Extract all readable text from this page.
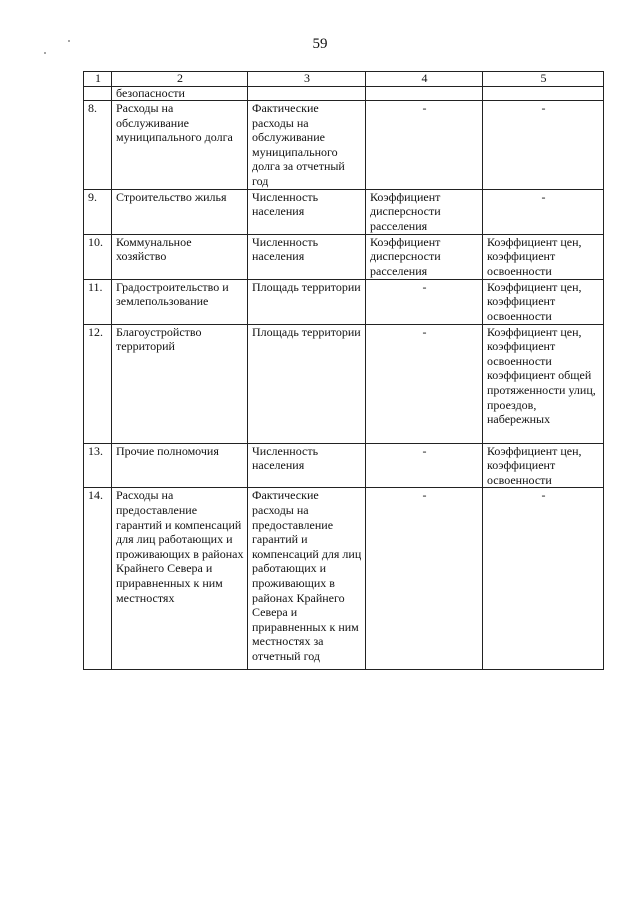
59
1	2	3	4	5
	безопасности			
8.	Расходы на обслуживание муниципального долга	Фактические расходы на обслуживание муниципального долга за отчетный год	-	-
9.	Строительство жилья	Численность населения	Коэффициент дисперсности расселения	-
10.	Коммунальное хозяйство	Численность населения	Коэффициент дисперсности расселения	Коэффициент цен, коэффициент освоенности
11.	Градостроительство и землепользование	Площадь территории	-	Коэффициент цен, коэффициент освоенности
12.	Благоустройство территорий	Площадь территории	-	Коэффициент цен, коэффициент освоенности коэффициент общей протяженности улиц, проездов, набережных
13.	Прочие полномочия	Численность населения	-	Коэффициент цен, коэффициент освоенности
14.	Расходы на предоставление гарантий и компенсаций для лиц работающих и проживающих в районах Крайнего Севера и приравненных к ним местностях	Фактические расходы на предоставление гарантий и компенсаций для лиц работающих и проживающих в районах Крайнего Севера и приравненных к ним местностях за отчетный год	-	-
